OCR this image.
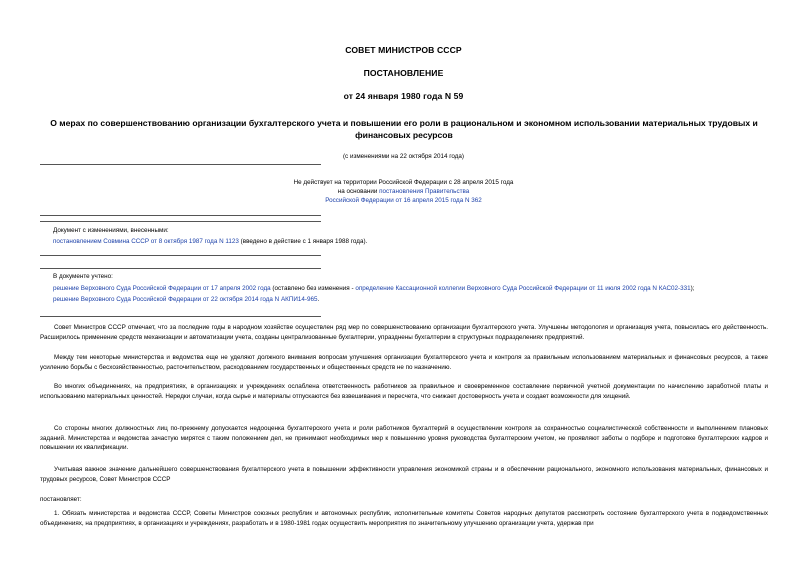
СОВЕТ МИНИСТРОВ СССР
ПОСТАНОВЛЕНИЕ
от 24 января 1980 года N 59
О мерах по совершенствованию организации бухгалтерского учета и повышении его роли в рациональном и экономном использовании материальных трудовых и финансовых ресурсов
(с изменениями на 22 октября 2014 года)
Не действует на территории Российской Федерации с 28 апреля 2015 года
на основании постановления Правительства
Российской Федерации от 16 апреля 2015 года N 362
Документ с изменениями, внесенными:
постановлением Совмина СССР от 8 октября 1987 года N 1123 (введено в действие с 1 января 1988 года).
В документе учтено:
решение Верховного Суда Российской Федерации от 17 апреля 2002 года (оставлено без изменения - определение Кассационной коллегии Верховного Суда Российской Федерации от 11 июля 2002 года N КАС02-331);
решение Верховного Суда Российской Федерации от 22 октября 2014 года N АКПИ14-965.
Совет Министров СССР отмечает, что за последние годы в народном хозяйстве осуществлен ряд мер по совершенствованию организации бухгалтерского учета. Улучшены методология и организация учета, повысилась его действенность. Расширилось применение средств механизации и автоматизации учета, созданы централизованные бухгалтерии, упразднены бухгалтерии в структурных подразделениях предприятий.
Между тем некоторые министерства и ведомства еще не уделяют должного внимания вопросам улучшения организации бухгалтерского учета и контроля за правильным использованием материальных и финансовых ресурсов, а также усилению борьбы с бесхозяйственностью, расточительством, расходованием государственных и общественных средств не по назначению.
Во многих объединениях, на предприятиях, в организациях и учреждениях ослаблена ответственность работников за правильное и своевременное составление первичной учетной документации по начислению заработной платы и использованию материальных ценностей. Нередки случаи, когда сырье и материалы отпускаются без взвешивания и пересчета, что снижает достоверность учета и создает возможности для хищений.
Со стороны многих должностных лиц по-прежнему допускается недооценка бухгалтерского учета и роли работников бухгалтерий в осуществлении контроля за сохранностью социалистической собственности и выполнением плановых заданий. Министерства и ведомства зачастую мирятся с таким положением дел, не принимают необходимых мер к повышению уровня руководства бухгалтерским учетом, не проявляют заботы о подборе и подготовке бухгалтерских кадров и повышении их квалификации.
Учитывая важное значение дальнейшего совершенствования бухгалтерского учета в повышении эффективности управления экономикой страны и в обеспечении рационального, экономного использования материальных, финансовых и трудовых ресурсов, Совет Министров СССР
постановляет:
1. Обязать министерства и ведомства СССР, Советы Министров союзных республик и автономных республик, исполнительные комитеты Советов народных депутатов рассмотреть состояние бухгалтерского учета в подведомственных объединениях, на предприятиях, в организациях и учреждениях, разработать и в 1980-1981 годах осуществить мероприятия по значительному улучшению организации учета, удержав при
